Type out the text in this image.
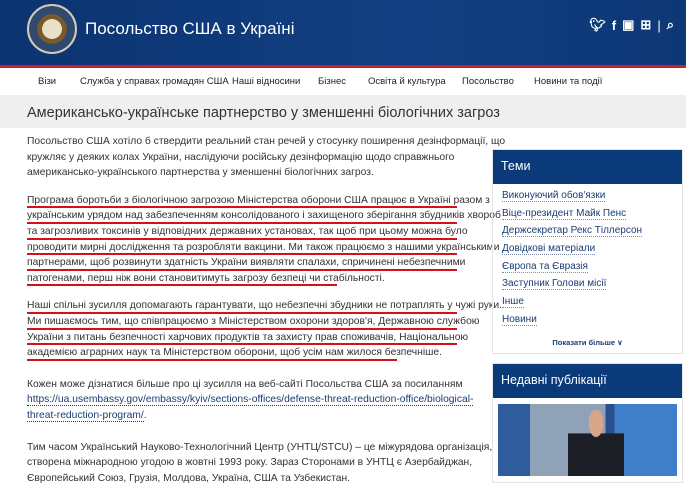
Посольство США в Україні	🐦︎ f ▣ ⊞ | ⌕
Візи	Служба у справах громадян США Наші відносини Бізнес Освіта й культура Посольство Новини та події
Американсько-українське партнерство у зменшенні біологічних загроз
Посольство США хотіло б ствердити реальний стан речей у стосунку поширення дезінформації, що
кружляє у деяких колах України, наслідуючи російську дезінформацію щодо справжнього
американсько-українського партнерства у зменшенні біологічних загроз.
Програма боротьби з біологічною загрозою Міністерства оборони США працює в Україні разом з
українським урядом над забезпеченням консолідованого і захищеного зберігання збудників хвороб
та загрозливих токсинів у відповідних державних установах, так щоб при цьому можна було
проводити мирні дослідження та розробляти вакцини. Ми також працюємо з нашими українськими
партнерами, щоб розвинути здатність України виявляти спалахи, спричинені небезпечними
патогенами, перш ніж вони становитимуть загрозу безпеці чи стабільності.
Наші спільні зусилля допомагають гарантувати, що небезпечні збудники не потраплять у чужі руки.
Ми пишаємось тим, що співпрацюємо з Міністерством охорони здоров'я, Державною службою
України з питань безпечності харчових продуктів та захисту прав споживачів, Національною
академією аграрних наук та Міністерством оборони, щоб усім нам жилося безпечніше.
Кожен може дізнатися більше про ці зусилля на веб-сайті Посольства США за посиланням
https://ua.usembassy.gov/embassy/kyiv/sections-offices/defense-threat-reduction-office/biological-
threat-reduction-program/.
Тим часом Український Науково-Технологічний Центр (УНТЦ/STCU) – це міжурядова організація,
створена міжнародною угодою в жовтні 1993 року. Зараз Сторонами в УНТЦ є Азербайджан,
Європейський Союз, Грузія, Молдова, Україна, США та Узбекистан.
Теми
Виконуючий обов'язки
Віце-президент Майк Пенс
Держсекретар Рекс Тіллерсон
Довідкові матеріали
Європа та Євразія
Заступник Голови місії
Інше
Новини
Показати більше ∨
Недавні публікації
